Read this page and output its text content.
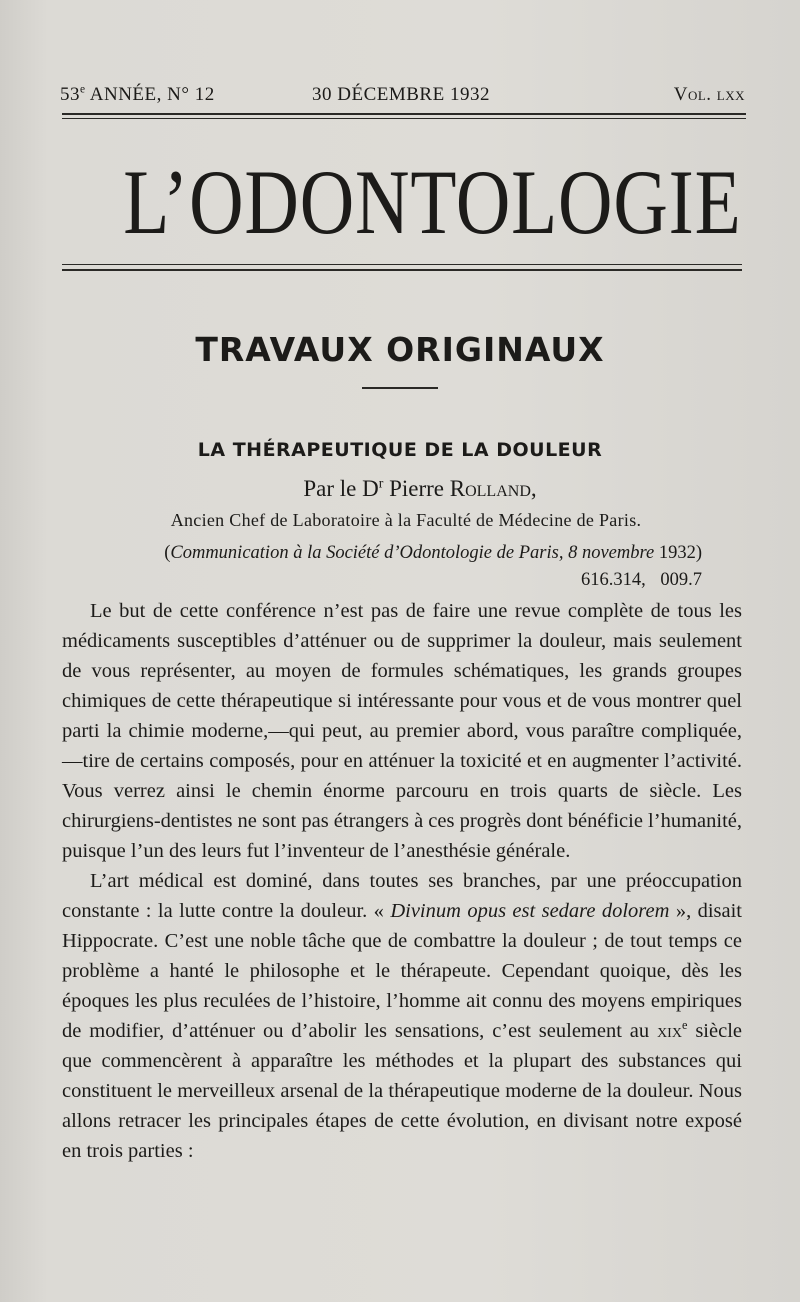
53e ANNÉE, N° 12	30 DÉCEMBRE 1932	Vol. lxx
L’ODONTOLOGIE
TRAVAUX ORIGINAUX
LA THÉRAPEUTIQUE DE LA DOULEUR
Par le $D^r$ Pierre Rolland,
Ancien Chef de Laboratoire à la Faculté de Médecine de Paris.
(Communication à la Société d’Odontologie de Paris, 8 novembre 1932)
616.314, 009.7

Le but de cette conférence n’est pas de faire une revue complète de tous les médicaments susceptibles d’atténuer ou de supprimer la douleur, mais seulement de vous représenter, au moyen de formules schématiques, les grands groupes chimiques de cette thérapeutique si intéressante pour vous et de vous montrer quel parti la chimie moderne,—qui peut, au premier abord, vous paraître compliquée,—tire de certains composés, pour en atténuer la toxicité et en augmenter l’activité. Vous verrez ainsi le chemin énorme parcouru en trois quarts de siècle. Les chirurgiens-dentistes ne sont pas étrangers à ces progrès dont bénéficie l’humanité, puisque l’un des leurs fut l’inventeur de l’anesthésie générale.

L’art médical est dominé, dans toutes ses branches, par une préoccupation constante : la lutte contre la douleur. « Divinum opus est sedare dolorem », disait Hippocrate. C’est une noble tâche que de combattre la douleur ; de tout temps ce problème a hanté le philosophe et le thérapeute. Cependant quoique, dès les époques les plus reculées de l’histoire, l’homme ait connu des moyens empiriques de modifier, d’atténuer ou d’abolir les sensations, c’est seulement au xix$^e$ siècle que commencèrent à apparaître les méthodes et la plupart des substances qui constituent le merveilleux arsenal de la thérapeutique moderne de la douleur. Nous allons retracer les principales étapes de cette évolution, en divisant notre exposé en trois parties :
